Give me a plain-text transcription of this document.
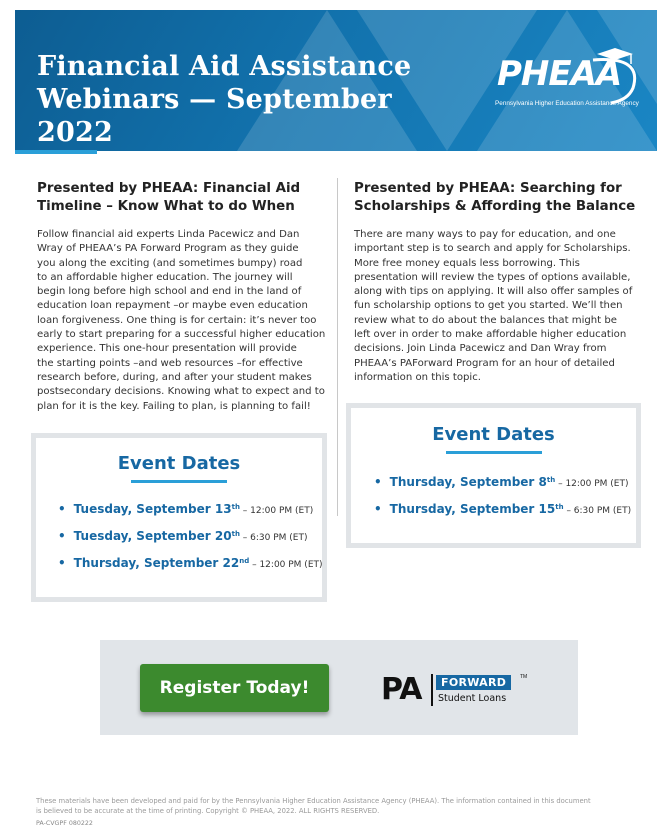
Financial Aid Assistance
Webinars — September 2022
PHEAA
Pennsylvania Higher Education Assistance Agency
Presented by PHEAA: Financial Aid
Timeline – Know What to do When

Follow financial aid experts Linda Pacewicz and Dan
Wray of PHEAA’s PA Forward Program as they guide
you along the exciting (and sometimes bumpy) road
to an affordable higher education. The journey will
begin long before high school and end in the land of
education loan repayment –or maybe even education
loan forgiveness. One thing is for certain: it’s never too
early to start preparing for a successful higher education
experience. This one-hour presentation will provide
the starting points –and web resources –for effective
research before, during, and after your student makes
postsecondary decisions. Knowing what to expect and to
plan for it is the key. Failing to plan, is planning to fail!

Presented by PHEAA: Searching for
Scholarships & Affording the Balance

There are many ways to pay for education, and one
important step is to search and apply for Scholarships.
More free money equals less borrowing. This
presentation will review the types of options available,
along with tips on applying. It will also offer samples of
fun scholarship options to get you started. We’ll then
review what to do about the balances that might be
left over in order to make affordable higher education
decisions. Join Linda Pacewicz and Dan Wray from
PHEAA’s PAForward Program for an hour of detailed
information on this topic.

Event Dates
• Tuesday, September 13th – 12:00 PM (ET)
• Tuesday, September 20th – 6:30 PM (ET)
• Thursday, September 22nd – 12:00 PM (ET)
Event Dates
• Thursday, September 8th – 12:00 PM (ET)
• Thursday, September 15th – 6:30 PM (ET)
Register Today!	PA	FORWARD	TM
Student Loans

These materials have been developed and paid for by the Pennsylvania Higher Education Assistance Agency (PHEAA). The information contained in this document
is believed to be accurate at the time of printing. Copyright © PHEAA, 2022. ALL RIGHTS RESERVED.

PA-CVGPF 080222
